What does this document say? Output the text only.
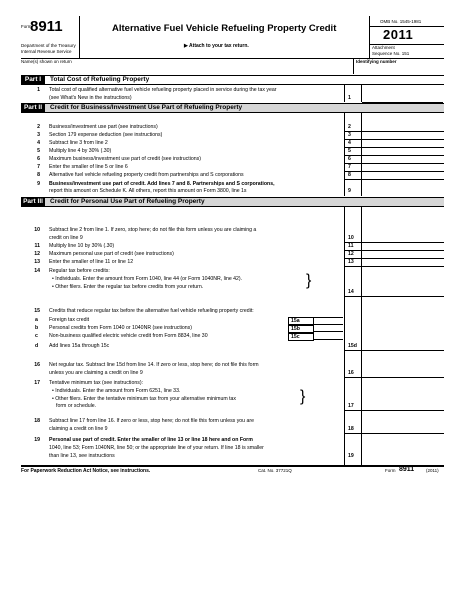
Form
8911
Department of the Treasury
Internal Revenue Service
Alternative Fuel Vehicle Refueling Property Credit
▶ Attach to your tax return.
OMB No. 1545-1981
2011
Attachment
Sequence No. 151
Name(s) shown on return	Identifying number
Part I	Total Cost of Refueling Property
1 Total cost of qualified alternative fuel vehicle refueling property placed in service during the tax year
(see What's New in the instructions)	1
Part II	Credit for Business/Investment Use Part of Refueling Property
2 Business/investment use part (see instructions)	2
3 Section 179 expense deduction (see instructions)	3
4 Subtract line 3 from line 2	4
5 Multiply line 4 by 30% (.30)	5
6 Maximum business/investment use part of credit (see instructions)	6
7 Enter the smaller of line 5 or line 6	7
8 Alternative fuel vehicle refueling property credit from partnerships and S corporations	8
9 Business/investment use part of credit. Add lines 7 and 8. Partnerships and S corporations,
report this amount on Schedule K. All others, report this amount on Form 3800, line 1s	9
Part III	Credit for Personal Use Part of Refueling Property
10 Subtract line 2 from line 1. If zero, stop here; do not file this form unless you are claiming a
credit on line 9	10
11 Multiply line 10 by 30% (.30)	11
12 Maximum personal use part of credit (see instructions)	12
13 Enter the smaller of line 11 or line 12	13
14 Regular tax before credits:
• Individuals. Enter the amount from Form 1040, line 44 (or Form 1040NR, line 42).
• Other filers. Enter the regular tax before credits from your return.	}
14
15 Credits that reduce regular tax before the alternative fuel vehicle refueling property credit:
a	Foreign tax credit	15a
b	Personal credits from Form 1040 or 1040NR (see instructions)	15b
c	Non-business qualified electric vehicle credit from Form 8834, line 30	15c
d	Add lines 15a through 15c	15d
16 Net regular tax. Subtract line 15d from line 14. If zero or less, stop here; do not file this form
unless you are claiming a credit on line 9	16
17 Tentative minimum tax (see instructions):
• Individuals. Enter the amount from Form 6251, line 33.
• Other filers. Enter the tentative minimum tax from your alternative minimum tax
form or schedule.
}
17
18 Subtract line 17 from line 16. If zero or less, stop here; do not file this form unless you are
claiming a credit on line 9	18
19 Personal use part of credit. Enter the smaller of line 13 or line 18 here and on Form
1040, line 53; Form 1040NR, line 50; or the appropriate line of your return. If line 18 is smaller
than line 13, see instructions	19
For Paperwork Reduction Act Notice, see instructions.	Cat. No. 37721Q	Form 8911	(2011)
